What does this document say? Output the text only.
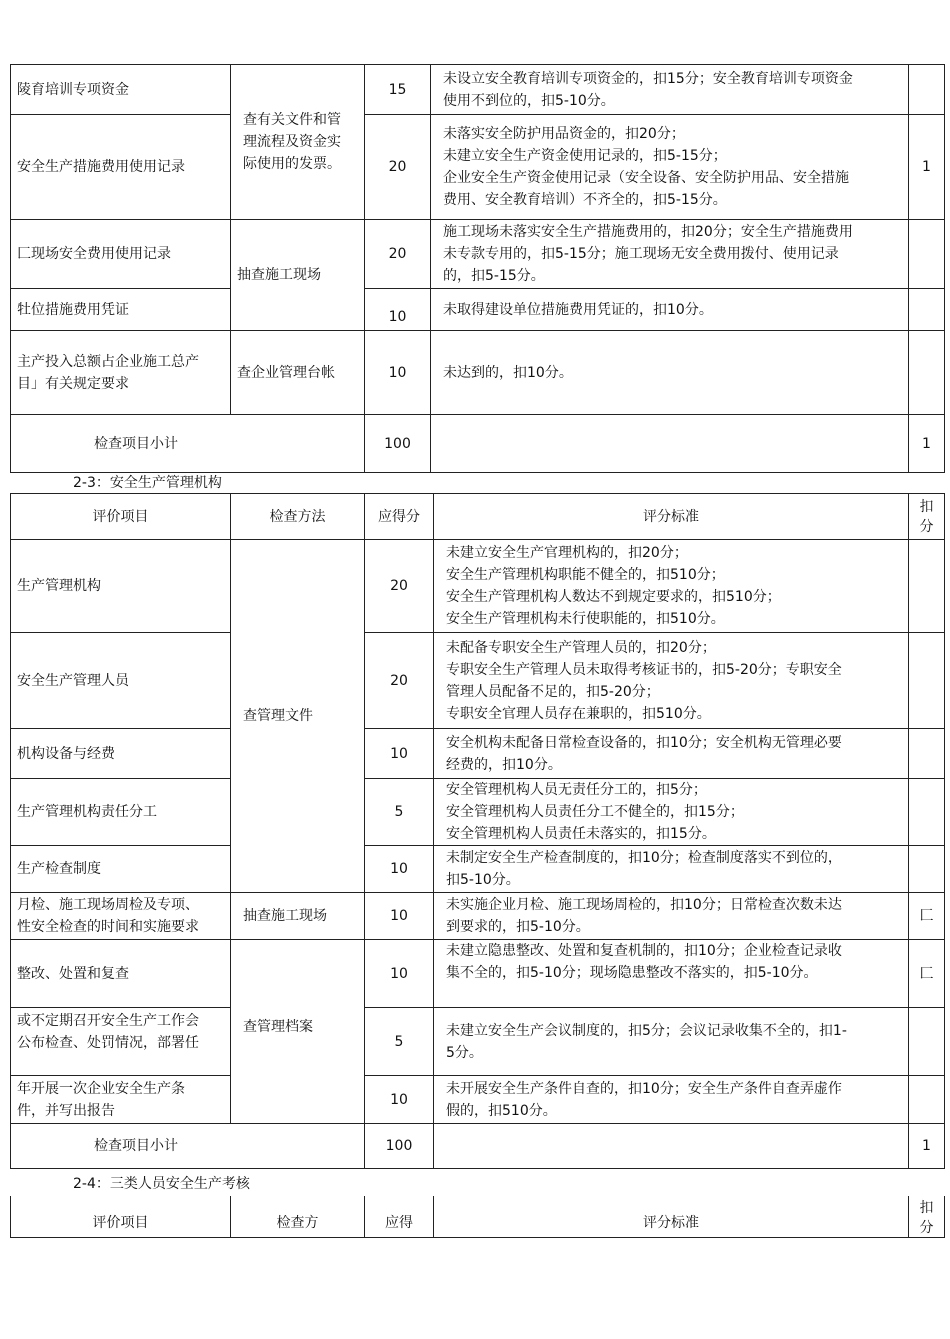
陵育培训专项资金	查有关文件和管
理流程及资金实
际使用的发票。	15	未设立安全教育培训专项资金的，扣15分；安全教育培训专项资金
使用不到位的，扣5-10分。	

安全生产措施费用使用记录		20	未落实安全防护用品资金的，扣20分；
未建立安全生产资金使用记录的，扣5-15分；
企业安全生产资金使用记录（安全设备、安全防护用品、安全措施
费用、安全教育培训）不齐全的，扣5-15分。	1
匚现场安全费用使用记录	抽查施工现场	20	施工现场未落实安全生产措施费用的，扣20分；安全生产措施费用
未专款专用的，扣5-15分；施工现场无安全费用拨付、使用记录
的，扣5-15分。	

牡位措施费用凭证		10	未取得建设单位措施费用凭证的，扣10分。	

主产投入总额占企业施工总产
目」有关规定要求	查企业管理台帐	10	未达到的，扣10分。	
检查项目小计		100		1
2-3：安全生产管理机构
评价项目	检查方法	应得分	评分标准	扣
分

生产管理机构	查管理文件	20	未建立安全生产官理机构的，扣20分；
安全生产管理机构职能不健全的，扣510分；
安全生产管理机构人数达不到规定要求的，扣510分；
安全生产管理机构未行使职能的，扣510分。	

安全生产管理人员		20	未配备专职安全生产管理人员的，扣20分；
专职安全生产管理人员未取得考核证书的，扣5-20分；专职安全
管理人员配备不足的，扣5-20分；
专职安全官理人员存在兼职的，扣510分。	

机构设备与经费		10	安全机构未配备日常检查设备的，扣10分；安全机构无管理必要
经费的，扣10分。	

生产管理机构责任分工		5	安全管理机构人员无责任分工的，扣5分；
安全管理机构人员责任分工不健全的，扣15分；
安全管理机构人员责任未落实的，扣15分。	

生产检查制度		10	未制定安全生产检查制度的，扣10分；检查制度落实不到位的，
扣5-10分。	

月检、施工现场周检及专项、
性安全检查的时间和实施要求	抽查施工现场	10	未实施企业月检、施工现场周检的，扣10分；日常检查次数未达
到要求的，扣5-10分。	匚
整改、处置和复查	查管理档案	10	未建立隐患整改、处置和复查机制的，扣10分；企业检查记录收
集不全的，扣5-10分；现场隐患整改不落实的，扣5-10分。	匚

或不定期召开安全生产工作会
公布检查、处罚情况，部署任		5	未建立安全生产会议制度的，扣5分；会议记录收集不全的，扣1-
5分。	

年开展一次企业安全生产条
件，并写出报告		10	未开展安全生产条件自查的，扣10分；安全生产条件自查弄虚作
假的，扣510分。	

检查项目小计		100		1
2-4：三类人员安全生产考核
评价项目	检查方	应得	评分标准	
扣
分
